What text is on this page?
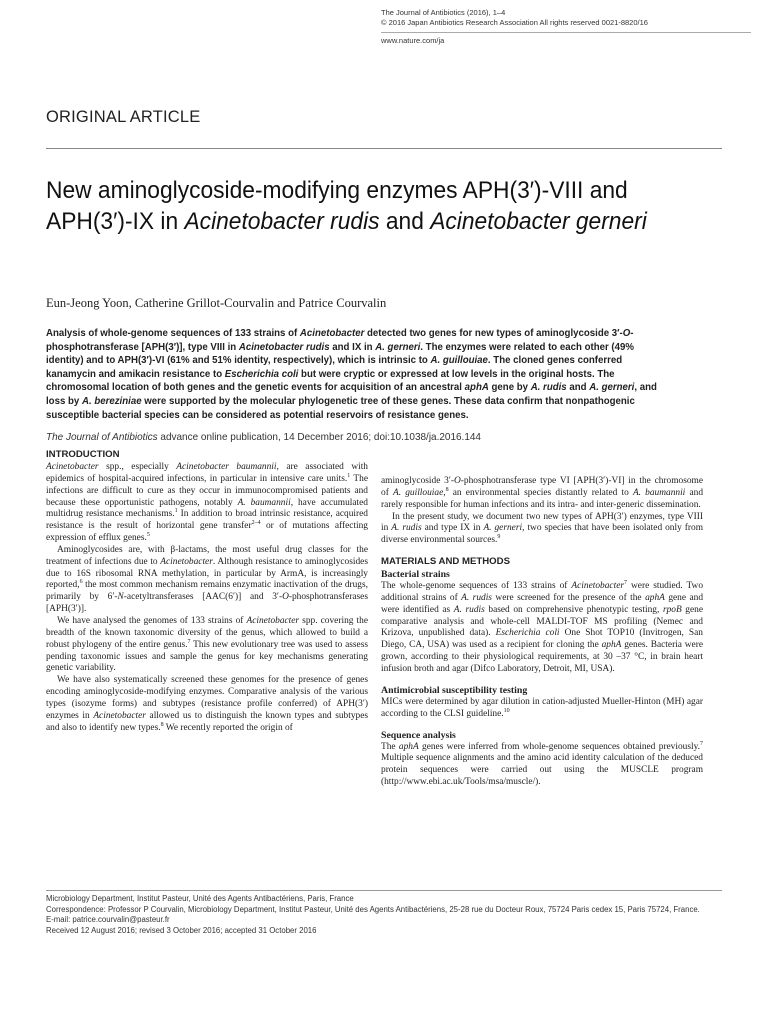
The Journal of Antibiotics (2016), 1–4
© 2016 Japan Antibiotics Research Association All rights reserved 0021-8820/16
www.nature.com/ja
ORIGINAL ARTICLE
New aminoglycoside-modifying enzymes APH(3′)-VIII and APH(3′)-IX in Acinetobacter rudis and Acinetobacter gerneri
Eun-Jeong Yoon, Catherine Grillot-Courvalin and Patrice Courvalin

Analysis of whole-genome sequences of 133 strains of Acinetobacter detected two genes for new types of aminoglycoside 3′-O-phosphotransferase [APH(3′)], type VIII in Acinetobacter rudis and IX in A. gerneri. The enzymes were related to each other (49% identity) and to APH(3′)-VI (61% and 51% identity, respectively), which is intrinsic to A. guillouiae. The cloned genes conferred kanamycin and amikacin resistance to Escherichia coli but were cryptic or expressed at low levels in the original hosts. The chromosomal location of both genes and the genetic events for acquisition of an ancestral aphA gene by A. rudis and A. gerneri, and loss by A. bereziniae were supported by the molecular phylogenetic tree of these genes. These data confirm that nonpathogenic susceptible bacterial species can be considered as potential reservoirs of resistance genes.

The Journal of Antibiotics advance online publication, 14 December 2016; doi:10.1038/ja.2016.144
INTRODUCTION

Acinetobacter spp., especially Acinetobacter baumannii, are associated with epidemics of hospital-acquired infections, in particular in intensive care units.$^1$ The infections are difficult to cure as they occur in immunocompromised patients and because these opportunistic pathogens, notably A. baumannii, have accumulated multidrug resistance mechanisms.$^1$ In addition to broad intrinsic resistance, acquired resistance is the result of horizontal gene transfer$^{2-4}$ or of mutations affecting expression of efflux genes.$^5$

Aminoglycosides are, with β-lactams, the most useful drug classes for the treatment of infections due to Acinetobacter. Although resistance to aminoglycosides due to 16S ribosomal RNA methylation, in particular by ArmA, is increasingly reported,$^6$ the most common mechanism remains enzymatic inactivation of the drugs, primarily by 6′-N-acetyltransferases [AAC(6′)] and 3′-O-phosphotransferases [APH(3′)].

We have analysed the genomes of 133 strains of Acinetobacter spp. covering the breadth of the known taxonomic diversity of the genus, which allowed to build a robust phylogeny of the entire genus.$^7$ This new evolutionary tree was used to assess pending taxonomic issues and sample the genus for key mechanisms generating genetic variability.

We have also systematically screened these genomes for the presence of genes encoding aminoglycoside-modifying enzymes. Comparative analysis of the various types (isozyme forms) and subtypes (resistance profile conferred) of APH(3′) enzymes in Acinetobacter allowed us to distinguish the known types and subtypes and also to identify new types.$^8$ We recently reported the origin of

aminoglycoside 3′-O-phosphotransferase type VI [APH(3′)-VI] in the chromosome of A. guillouiae,$^8$ an environmental species distantly related to A. baumannii and rarely responsible for human infections and its intra- and inter-generic dissemination.

In the present study, we document two new types of APH(3′) enzymes, type VIII in A. rudis and type IX in A. gerneri, two species that have been isolated only from diverse environmental sources.$^9$

MATERIALS AND METHODS
Bacterial strains

The whole-genome sequences of 133 strains of Acinetobacter$^7$ were studied. Two additional strains of A. rudis were screened for the presence of the aphA gene and were identified as A. rudis based on comprehensive phenotypic testing, rpoB gene comparative analysis and whole-cell MALDI-TOF MS profiling (Nemec and Krizova, unpublished data). Escherichia coli One Shot TOP10 (Invitrogen, San Diego, CA, USA) was used as a recipient for cloning the aphA genes. Bacteria were grown, according to their physiological requirements, at 30 –37 °C, in brain heart infusion broth and agar (Difco Laboratory, Detroit, MI, USA).

Antimicrobial susceptibility testing

MICs were determined by agar dilution in cation-adjusted Mueller-Hinton (MH) agar according to the CLSI guideline.$^{10}$

Sequence analysis

The aphA genes were inferred from whole-genome sequences obtained previously.$^7$ Multiple sequence alignments and the amino acid identity calculation of the deduced protein sequences were carried out using the MUSCLE program (http://www.ebi.ac.uk/Tools/msa/muscle/).

Microbiology Department, Institut Pasteur, Unité des Agents Antibactériens, Paris, France
Correspondence: Professor P Courvalin, Microbiology Department, Institut Pasteur, Unité des Agents Antibactériens, 25-28 rue du Docteur Roux, 75724 Paris cedex 15, Paris 75724, France.
E-mail: patrice.courvalin@pasteur.fr
Received 12 August 2016; revised 3 October 2016; accepted 31 October 2016
